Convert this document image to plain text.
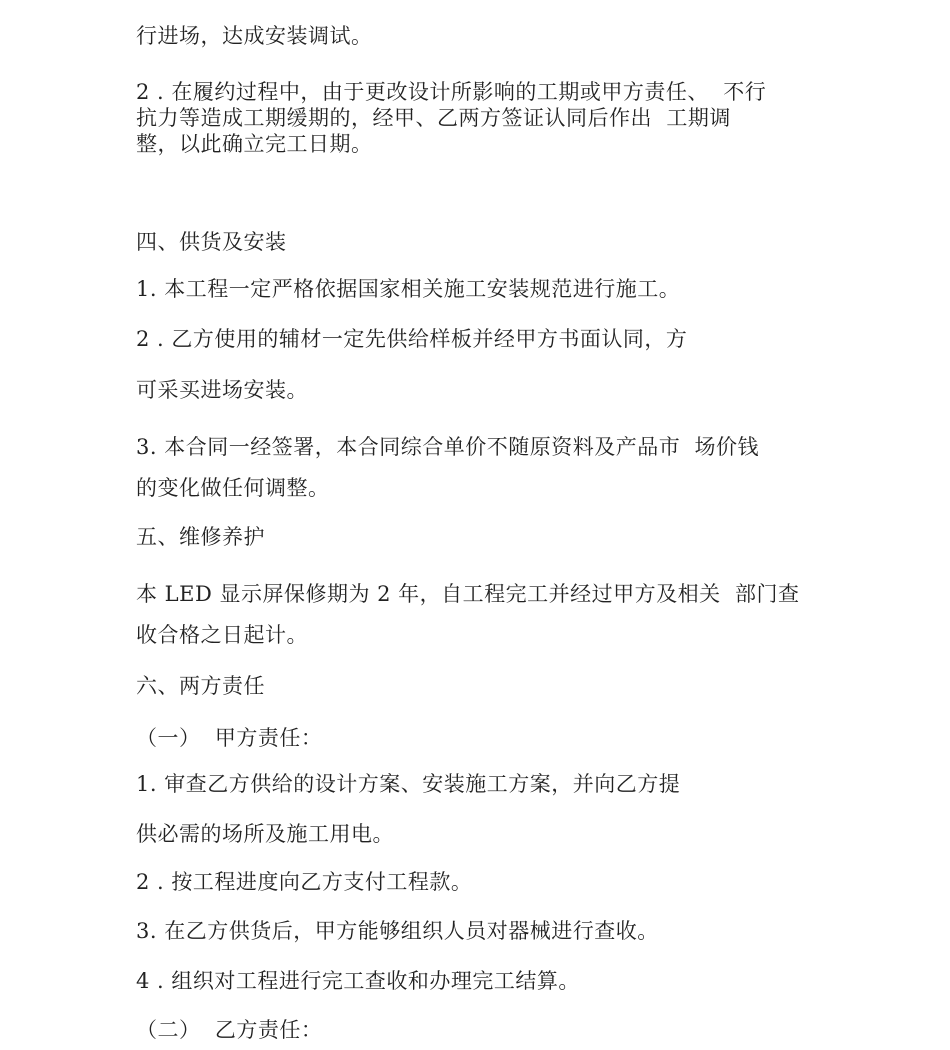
行进场，达成安装调试。

2 . 在履约过程中，由于更改设计所影响的工期或甲方责任、  不行

抗力等造成工期缓期的，经甲、乙两方签证认同后作出  工期调

整，以此确立完工日期。

四、供货及安装

1. 本工程一定严格依据国家相关施工安装规范进行施工。

2 . 乙方使用的辅材一定先供给样板并经甲方书面认同，方

可采买进场安装。

3. 本合同一经签署，本合同综合单价不随原资料及产品市  场价钱

的变化做任何调整。

五、维修养护

本 LED 显示屏保修期为 2 年，自工程完工并经过甲方及相关  部门查

收合格之日起计。

六、两方责任

（一）  甲方责任：

1. 审查乙方供给的设计方案、安装施工方案，并向乙方提

供必需的场所及施工用电。

2 . 按工程进度向乙方支付工程款。

3. 在乙方供货后，甲方能够组织人员对器械进行查收。

4 . 组织对工程进行完工查收和办理完工结算。

（二）  乙方责任：
